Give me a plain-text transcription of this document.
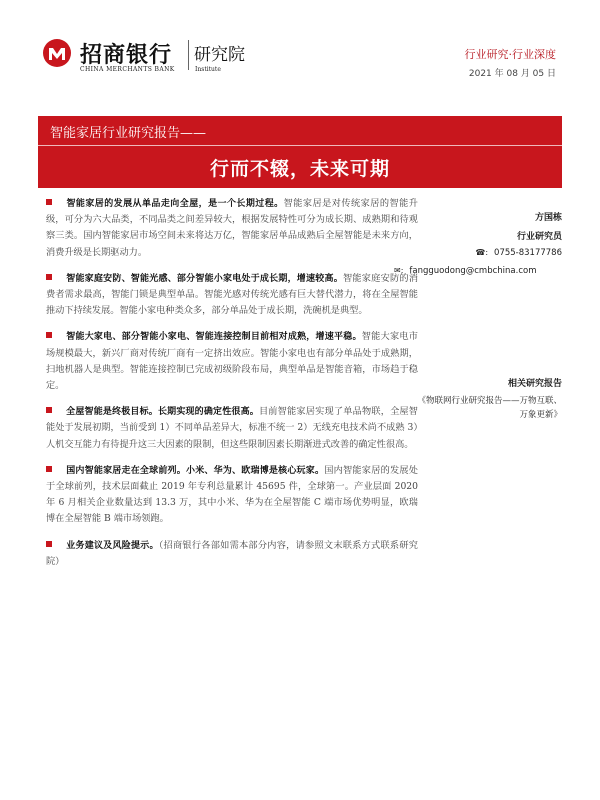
招商银行
CHINA MERCHANTS BANK
研究院
Institute
行业研究·行业深度
2021 年 08 月 05 日
智能家居行业研究报告——
行而不辍，未来可期

智能家居的发展从单品走向全屋，是一个长期过程。智能家居是对传统家居的智能升级，可分为六大品类，不同品类之间差异较大，根据发展特性可分为成长期、成熟期和待观察三类。国内智能家居市场空间未来将达万亿，智能家居单品成熟后全屋智能是未来方向，消费升级是长期驱动力。

智能家庭安防、智能光感、部分智能小家电处于成长期，增速较高。智能家庭安防的消费者需求最高，智能门锁是典型单品。智能光感对传统光感有巨大替代潜力，将在全屋智能推动下持续发展。智能小家电种类众多，部分单品处于成长期，洗碗机是典型。

智能大家电、部分智能小家电、智能连接控制目前相对成熟，增速平稳。智能大家电市场规模最大，新兴厂商对传统厂商有一定挤出效应。智能小家电也有部分单品处于成熟期，扫地机器人是典型。智能连接控制已完成初级阶段布局，典型单品是智能音箱，市场趋于稳定。

全屋智能是终极目标。长期实现的确定性很高。目前智能家居实现了单品物联，全屋智能处于发展初期，当前受到 1）不同单品差异大，标准不统一 2）无线充电技术尚不成熟 3）人机交互能力有待提升这三大因素的限制，但这些限制因素长期渐进式改善的确定性很高。

国内智能家居走在全球前列。小米、华为、欧瑞博是核心玩家。国内智能家居的发展处于全球前列，技术层面截止 2019 年专利总量累计 45695 件，全球第一。产业层面 2020 年 6 月相关企业数量达到 13.3 万，其中小米、华为在全屋智能 C 端市场优势明显，欧瑞博在全屋智能 B 端市场领跑。

业务建议及风险提示。（招商银行各部如需本部分内容，请参照文末联系方式联系研究院）

方国栋
行业研究员
☎: 0755-83177786
✉: fangguodong@cmbchina.com
相关研究报告
《物联网行业研究报告——万物互联、万象更新》
